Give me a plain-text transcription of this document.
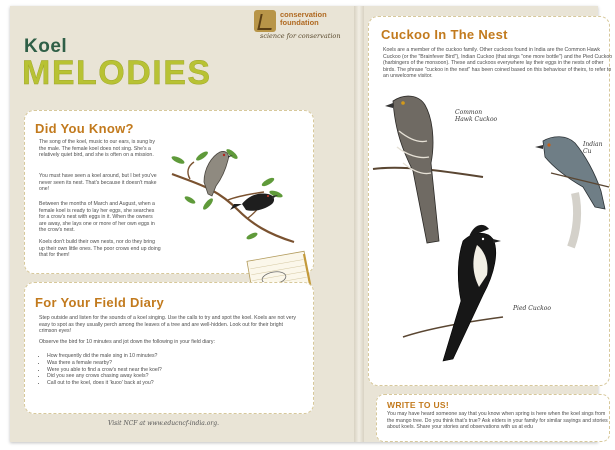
Koel
MELODIES
conservation
foundation
science for conservation
Did You Know?
The song of the koel, music to our ears, is sung by the male. The female koel does not sing. She's a relatively quiet bird, and she is often on a mission.
You must have seen a koel around, but I bet you've never seen its nest. That's because it doesn't make one!
Between the months of March and August, when a female koel is ready to lay her eggs, she searches for a crow's nest with eggs in it. When the owners are away, she lays one or more of her own eggs in the crow's nest.
Koels don't build their own nests, nor do they bring up their own little ones. The poor crows end up doing that for them!
For Your Field Diary
Step outside and listen for the sounds of a koel singing. Use the calls to try and spot the koel. Koels are not very easy to spot as they usually perch among the leaves of a tree and are well-hidden. Look out for their bright crimson eyes!
Observe the bird for 10 minutes and jot down the following in your field diary:
• How frequently did the male sing in 10 minutes?
• Was there a female nearby?
• Were you able to find a crow's nest near the koel?
• Did you see any crows chasing away koels?
• Call out to the koel, does it 'kuoo' back at you?
Visit NCF at www.educncf-india.org.
Cuckoo In The Nest
Koels are a member of the cuckoo family. Other cuckoos found in India are the Common Hawk Cuckoo (or the "Brainfever Bird"), Indian Cuckoo (that sings "one more bottle") and the Pied Cuckoo (harbingers of the monsoon). These and cuckoos everywhere lay their eggs in the nests of other birds. The phrase "cuckoo in the nest" has been coined based on this behaviour of theirs, to refer to an unwelcome visitor.
Common
Hawk Cuckoo
Indian Cu
Pied Cuckoo
WRITE TO US!
You may have heard someone say that you know when spring is here when the koel sings from the mango tree. Do you think that's true? Ask elders in your family for similar sayings and stories about koels. Share your stories and observations with us at edu
